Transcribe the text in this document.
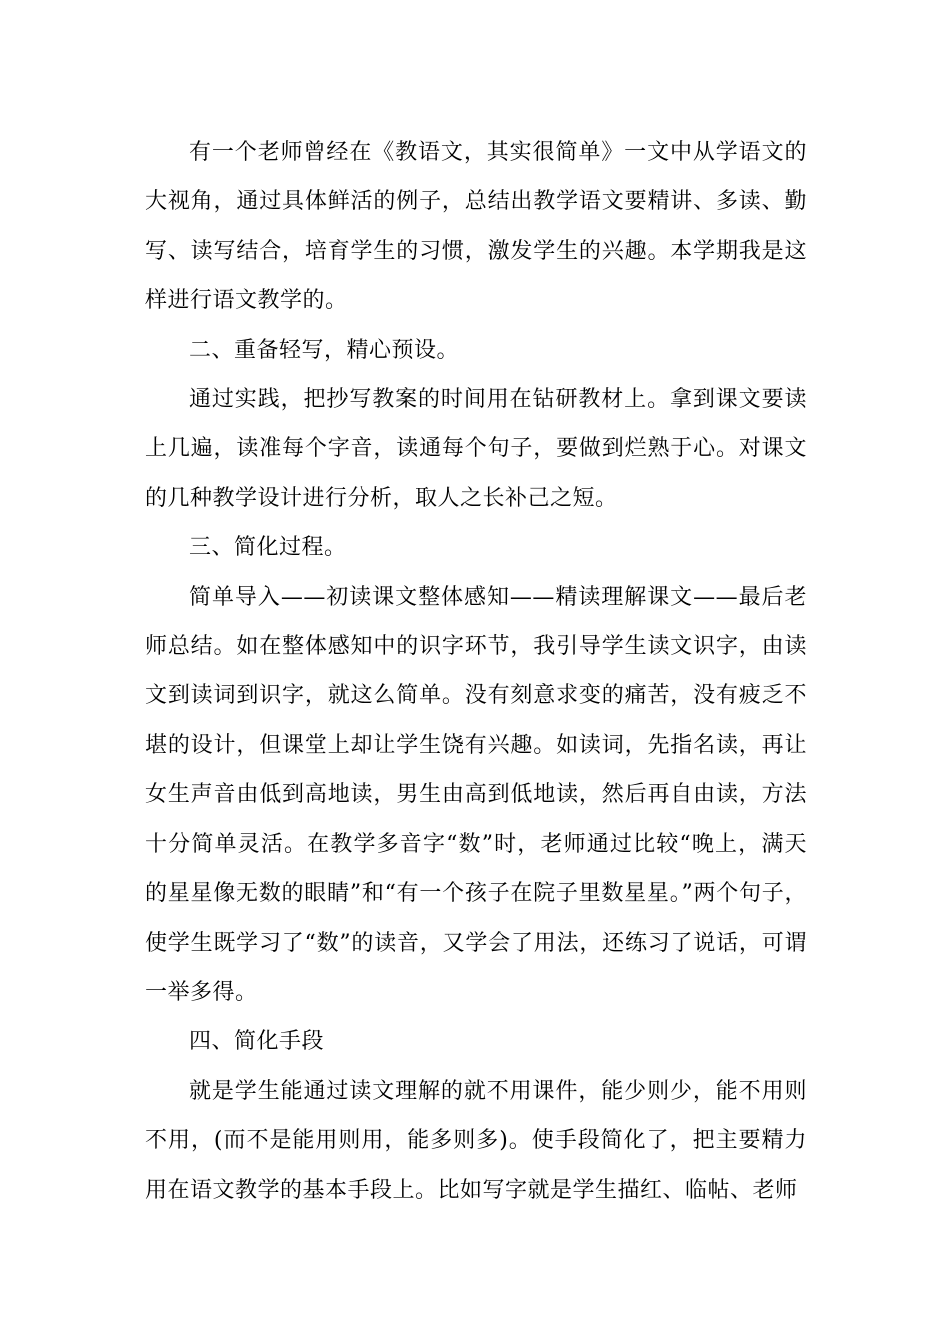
有一个老师曾经在《教语文，其实很简单》一文中从学语文的大视角，通过具体鲜活的例子，总结出教学语文要精讲、多读、勤写、读写结合，培育学生的习惯，激发学生的兴趣。本学期我是这样进行语文教学的。

二、重备轻写，精心预设。

通过实践，把抄写教案的时间用在钻研教材上。拿到课文要读上几遍，读准每个字音，读通每个句子，要做到烂熟于心。对课文的几种教学设计进行分析，取人之长补己之短。

三、简化过程。

简单导入——初读课文整体感知——精读理解课文——最后老师总结。如在整体感知中的识字环节，我引导学生读文识字，由读文到读词到识字，就这么简单。没有刻意求变的痛苦，没有疲乏不堪的设计，但课堂上却让学生饶有兴趣。如读词，先指名读，再让女生声音由低到高地读，男生由高到低地读，然后再自由读，方法十分简单灵活。在教学多音字“数”时，老师通过比较“晚上，满天的星星像无数的眼睛”和“有一个孩子在院子里数星星。”两个句子，使学生既学习了“数”的读音，又学会了用法，还练习了说话，可谓一举多得。

四、简化手段

就是学生能通过读文理解的就不用课件，能少则少，能不用则不用，(而不是能用则用，能多则多)。使手段简化了，把主要精力用在语文教学的基本手段上。比如写字就是学生描红、临帖、老师
